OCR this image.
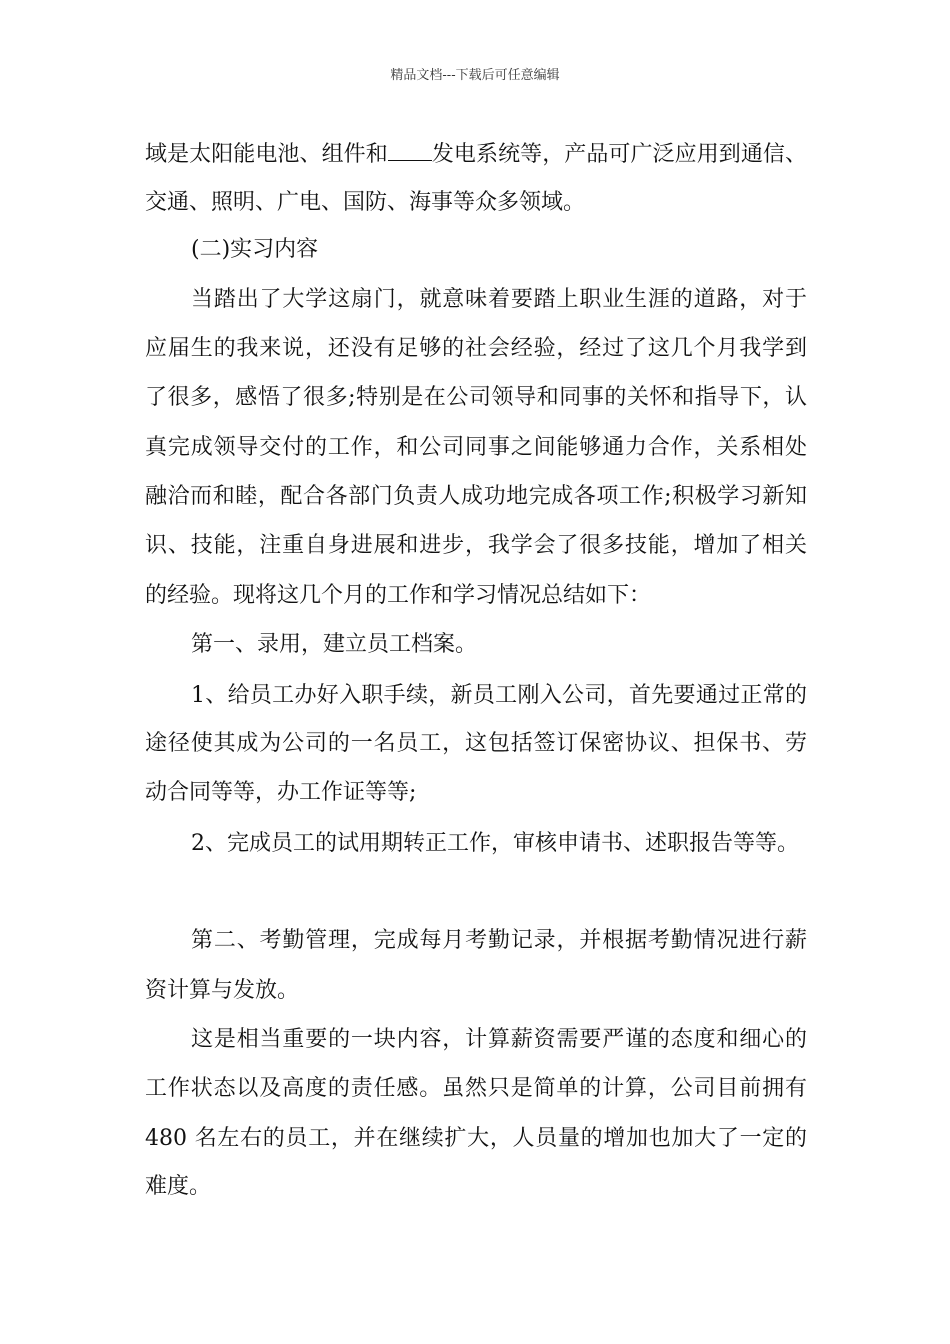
精品文档---下载后可任意编辑
域是太阳能电池、组件和 发电系统等，产品可广泛应用到通信、
交通、照明、广电、国防、海事等众多领域。
(二)实习内容
当踏出了大学这扇门，就意味着要踏上职业生涯的道路，对于
应届生的我来说，还没有足够的社会经验，经过了这几个月我学到
了很多，感悟了很多;特别是在公司领导和同事的关怀和指导下，认
真完成领导交付的工作，和公司同事之间能够通力合作，关系相处
融洽而和睦，配合各部门负责人成功地完成各项工作;积极学习新知
识、技能，注重自身进展和进步，我学会了很多技能，增加了相关
的经验。现将这几个月的工作和学习情况总结如下：
第一、录用，建立员工档案。
1、给员工办好入职手续，新员工刚入公司，首先要通过正常的
途径使其成为公司的一名员工，这包括签订保密协议、担保书、劳
动合同等等，办工作证等等;
2、完成员工的试用期转正工作，审核申请书、述职报告等等。
第二、考勤管理，完成每月考勤记录，并根据考勤情况进行薪
资计算与发放。
这是相当重要的一块内容，计算薪资需要严谨的态度和细心的
工作状态以及高度的责任感。虽然只是简单的计算，公司目前拥有
480 名左右的员工，并在继续扩大，人员量的增加也加大了一定的
难度。
